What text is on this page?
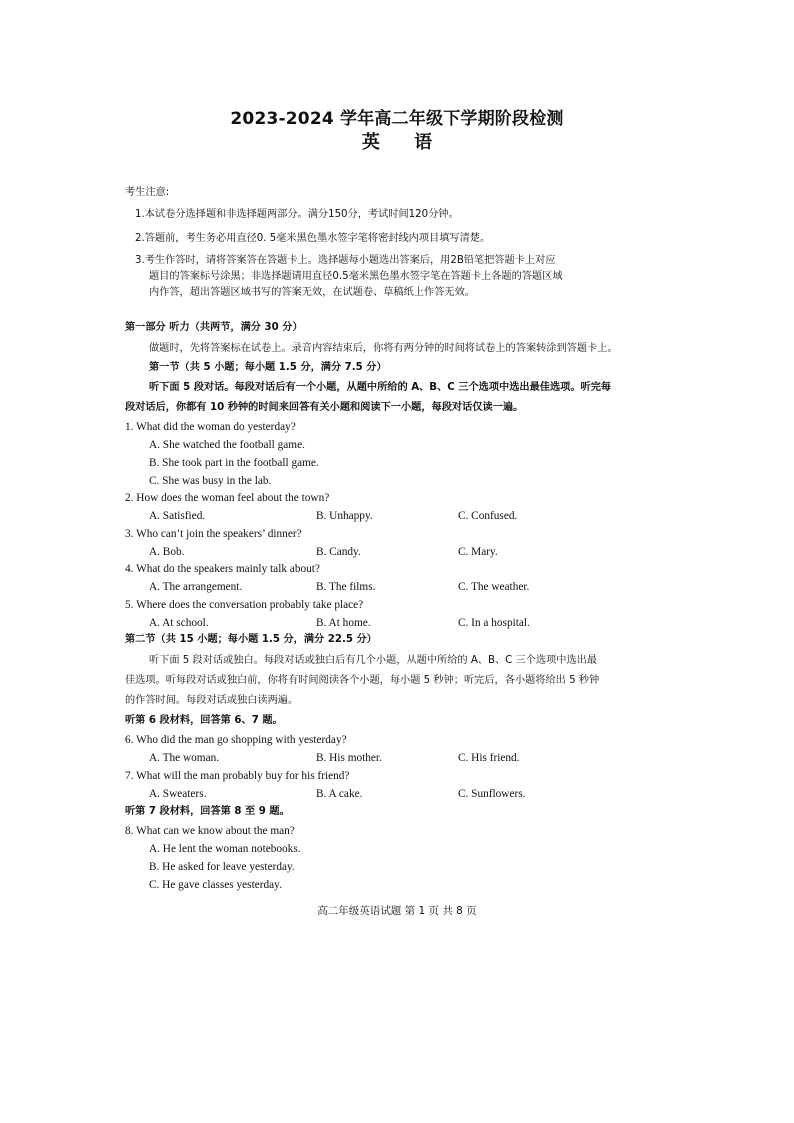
2023-2024 学年高二年级下学期阶段检测
英 语
考生注意:
1.本试卷分选择题和非选择题两部分。满分150分，考试时间120分钟。
2.答题前，考生务必用直径0. 5毫米黑色墨水签字笔将密封线内项目填写清楚。
3.考生作答时，请将答案答在答题卡上。选择题每小题选出答案后，用2B铅笔把答题卡上对应
题目的答案标号涂黑；非选择题请用直径0.5毫米黑色墨水签字笔在答题卡上各题的答题区域
内作答，超出答题区域书写的答案无效，在试题卷、草稿纸上作答无效。
第一部分 听力（共两节，满分 30 分）
做题时，先将答案标在试卷上。录音内容结束后，你将有两分钟的时间将试卷上的答案转涂到答题卡上。
第一节（共 5 小题；每小题 1.5 分，满分 7.5 分）
听下面 5 段对话。每段对话后有一个小题，从题中所给的 A、B、C 三个选项中选出最佳选项。听完每
段对话后，你都有 10 秒钟的时间来回答有关小题和阅读下一小题，每段对话仅读一遍。
1. What did the woman do yesterday?
A. She watched the football game.
B. She took part in the football game.
C. She was busy in the lab.
2. How does the woman feel about the town?
A. Satisfied.	B. Unhappy.	C. Confused.
3. Who can’t join the speakers’ dinner?
A. Bob.	B. Candy.	C. Mary.
4. What do the speakers mainly talk about?
A. The arrangement.	B. The films.	C. The weather.
5. Where does the conversation probably take place?
A. At school.	B. At home.	C. In a hospital.
第二节（共 15 小题；每小题 1.5 分，满分 22.5 分）
听下面 5 段对话或独白。每段对话或独白后有几个小题，从题中所给的 A、B、C 三个选项中选出最
佳选项。听每段对话或独白前，你将有时间阅读各个小题，每小题 5 秒钟；听完后，各小题将给出 5 秒钟
的作答时间。每段对话或独白读两遍。
听第 6 段材料，回答第 6、7 题。
6. Who did the man go shopping with yesterday?
A. The woman.	B. His mother.	C. His friend.
7. What will the man probably buy for his friend?
A. Sweaters.	B. A cake.	C. Sunflowers.
听第 7 段材料，回答第 8 至 9 题。
8. What can we know about the man?
A. He lent the woman notebooks.
B. He asked for leave yesterday.
C. He gave classes yesterday.
高二年级英语试题 第 1 页 共 8 页
